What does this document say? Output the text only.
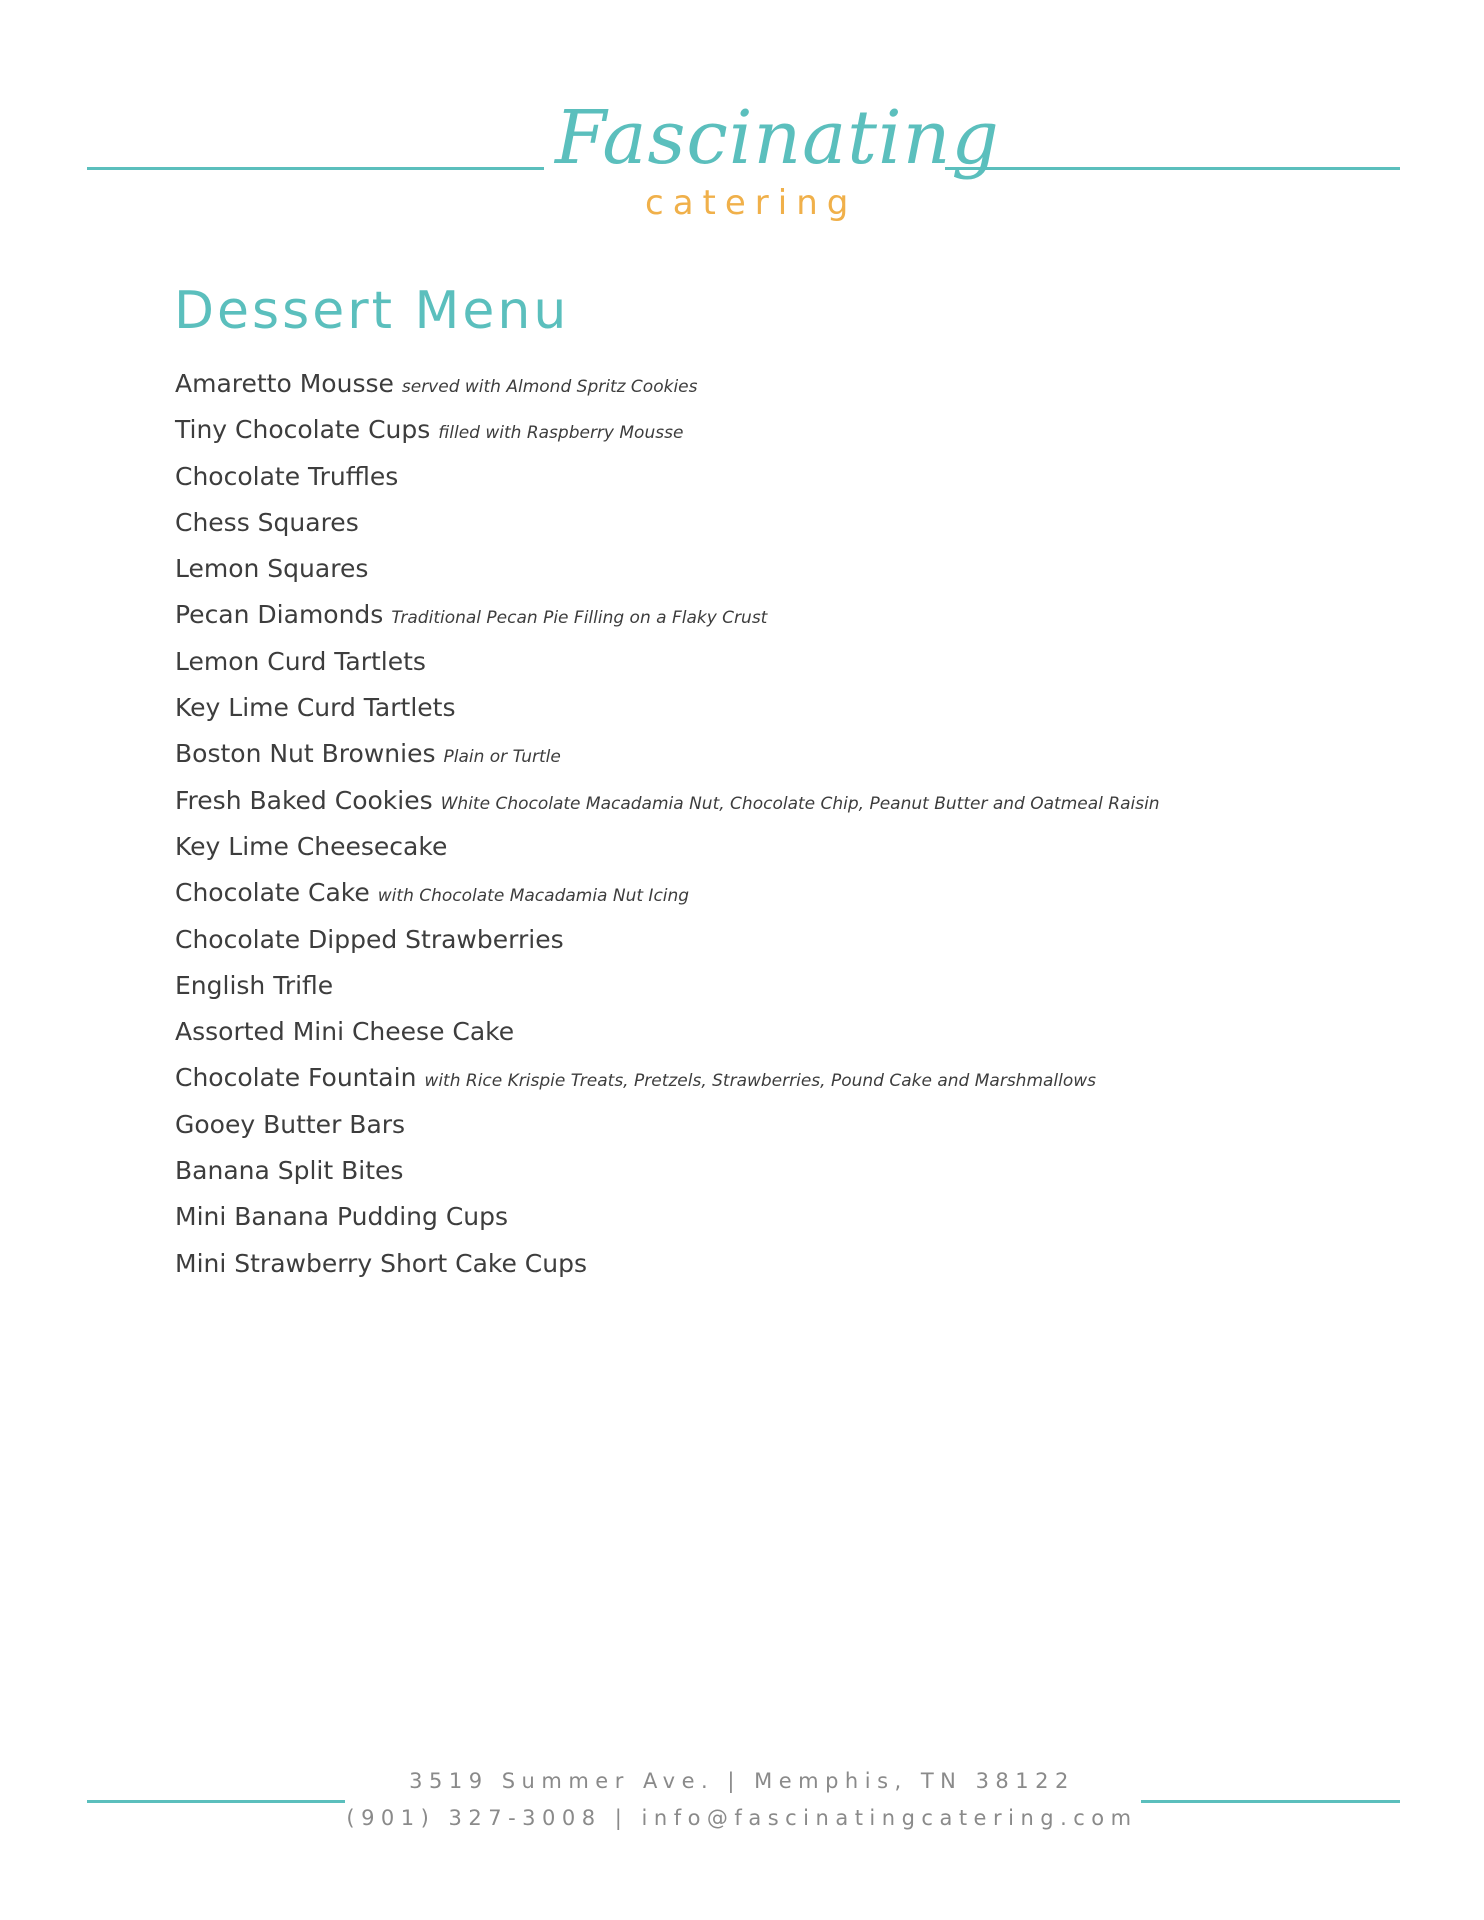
Fascinating
catering
Dessert Menu
Amaretto Mousse served with Almond Spritz Cookies
Tiny Chocolate Cups filled with Raspberry Mousse
Chocolate Truffles
Chess Squares
Lemon Squares
Pecan Diamonds Traditional Pecan Pie Filling on a Flaky Crust
Lemon Curd Tartlets
Key Lime Curd Tartlets
Boston Nut Brownies Plain or Turtle
Fresh Baked Cookies White Chocolate Macadamia Nut, Chocolate Chip, Peanut Butter and Oatmeal Raisin
Key Lime Cheesecake
Chocolate Cake with Chocolate Macadamia Nut Icing
Chocolate Dipped Strawberries
English Trifle
Assorted Mini Cheese Cake
Chocolate Fountain with Rice Krispie Treats, Pretzels, Strawberries, Pound Cake and Marshmallows
Gooey Butter Bars
Banana Split Bites
Mini Banana Pudding Cups
Mini Strawberry Short Cake Cups
3519 Summer Ave. | Memphis, TN 38122
(901) 327-3008 | info@fascinatingcatering.com
